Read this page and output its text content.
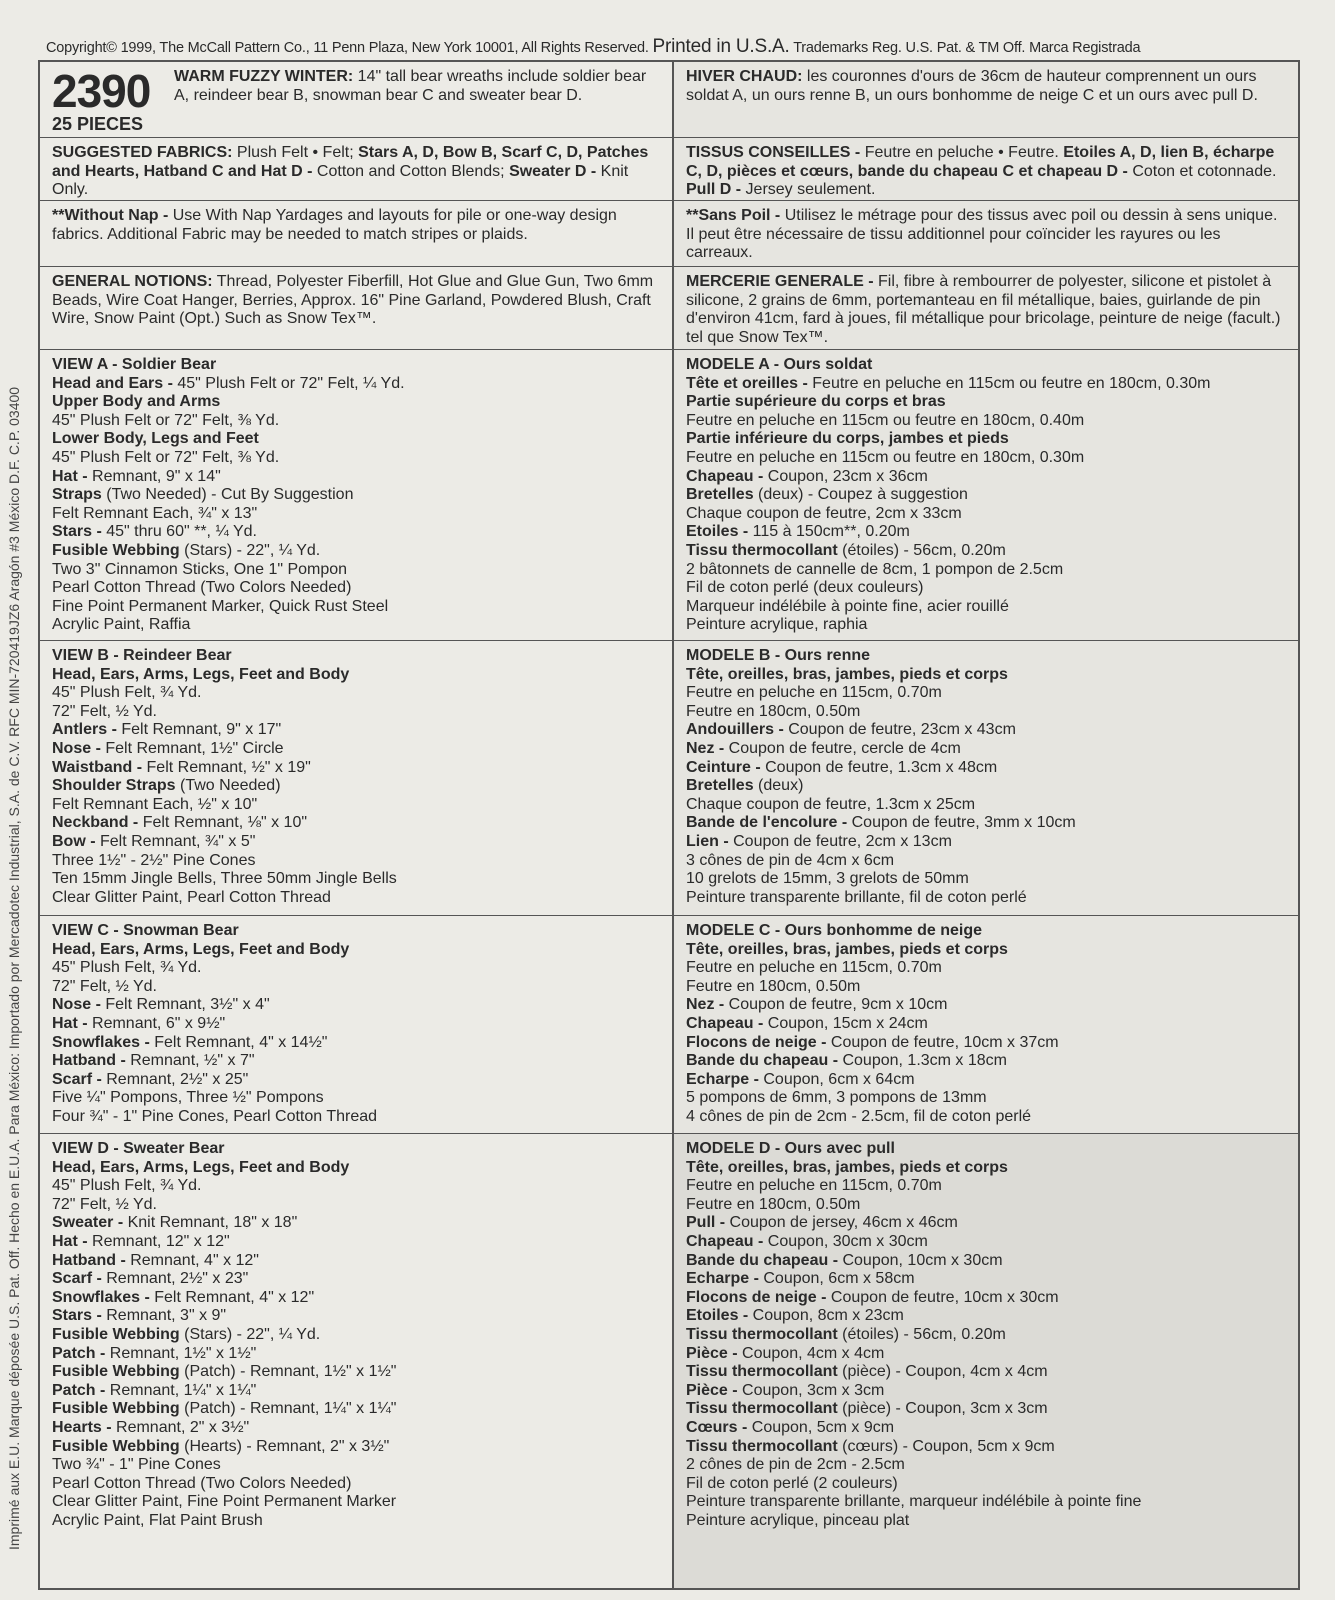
Copyright© 1999, The McCall Pattern Co., 11 Penn Plaza, New York 10001, All Rights Reserved. Printed in U.S.A. Trademarks Reg. U.S. Pat. & TM Off. Marca Registrada
Imprimé aux E.U. Marque déposée U.S. Pat. Off. Hecho en E.U.A. Para México: Importado por Mercadotec Industrial, S.A. de C.V. RFC MIN-720419JZ6 Aragón #3 México D.F. C.P. 03400
2390
25 PIECES

WARM FUZZY WINTER: 14" tall bear wreaths include soldier bear A, reindeer bear B, snowman bear C and sweater bear D.

HIVER CHAUD: les couronnes d'ours de 36cm de hauteur comprennent un ours soldat A, un ours renne B, un ours bonhomme de neige C et un ours avec pull D.

SUGGESTED FABRICS: Plush Felt • Felt; Stars A, D, Bow B, Scarf C, D, Patches and Hearts, Hatband C and Hat D - Cotton and Cotton Blends; Sweater D - Knit Only.

TISSUS CONSEILLES - Feutre en peluche • Feutre. Etoiles A, D, lien B, écharpe C, D, pièces et cœurs, bande du chapeau C et chapeau D - Coton et cotonnade. Pull D - Jersey seulement.

**Without Nap - Use With Nap Yardages and layouts for pile or one-way design fabrics. Additional Fabric may be needed to match stripes or plaids.

**Sans Poil - Utilisez le métrage pour des tissus avec poil ou dessin à sens unique. Il peut être nécessaire de tissu additionnel pour coïncider les rayures ou les carreaux.

GENERAL NOTIONS: Thread, Polyester Fiberfill, Hot Glue and Glue Gun, Two 6mm Beads, Wire Coat Hanger, Berries, Approx. 16" Pine Garland, Powdered Blush, Craft Wire, Snow Paint (Opt.) Such as Snow Tex™.

MERCERIE GENERALE - Fil, fibre à rembourrer de polyester, silicone et pistolet à silicone, 2 grains de 6mm, portemanteau en fil métallique, baies, guirlande de pin d'environ 41cm, fard à joues, fil métallique pour bricolage, peinture de neige (facult.) tel que Snow Tex™.

VIEW A - Soldier Bear
Head and Ears - 45" Plush Felt or 72" Felt, ¼ Yd.
Upper Body and Arms
45" Plush Felt or 72" Felt, ⅜ Yd.
Lower Body, Legs and Feet
45" Plush Felt or 72" Felt, ⅜ Yd.
Hat - Remnant, 9" x 14"
Straps (Two Needed) - Cut By Suggestion
Felt Remnant Each, ¾" x 13"
Stars - 45" thru 60" **, ¼ Yd.
Fusible Webbing (Stars) - 22", ¼ Yd.
Two 3" Cinnamon Sticks, One 1" Pompon
Pearl Cotton Thread (Two Colors Needed)
Fine Point Permanent Marker, Quick Rust Steel
Acrylic Paint, Raffia
MODELE A - Ours soldat
Tête et oreilles - Feutre en peluche en 115cm ou feutre en 180cm, 0.30m
Partie supérieure du corps et bras
Feutre en peluche en 115cm ou feutre en 180cm, 0.40m
Partie inférieure du corps, jambes et pieds
Feutre en peluche en 115cm ou feutre en 180cm, 0.30m
Chapeau - Coupon, 23cm x 36cm
Bretelles (deux) - Coupez à suggestion
Chaque coupon de feutre, 2cm x 33cm
Etoiles - 115 à 150cm**, 0.20m
Tissu thermocollant (étoiles) - 56cm, 0.20m
2 bâtonnets de cannelle de 8cm, 1 pompon de 2.5cm
Fil de coton perlé (deux couleurs)
Marqueur indélébile à pointe fine, acier rouillé
Peinture acrylique, raphia
VIEW B - Reindeer Bear
Head, Ears, Arms, Legs, Feet and Body
45" Plush Felt, ¾ Yd.
72" Felt, ½ Yd.
Antlers - Felt Remnant, 9" x 17"
Nose - Felt Remnant, 1½" Circle
Waistband - Felt Remnant, ½" x 19"
Shoulder Straps (Two Needed)
Felt Remnant Each, ½" x 10"
Neckband - Felt Remnant, ⅛" x 10"
Bow - Felt Remnant, ¾" x 5"
Three 1½" - 2½" Pine Cones
Ten 15mm Jingle Bells, Three 50mm Jingle Bells
Clear Glitter Paint, Pearl Cotton Thread
MODELE B - Ours renne
Tête, oreilles, bras, jambes, pieds et corps
Feutre en peluche en 115cm, 0.70m
Feutre en 180cm, 0.50m
Andouillers - Coupon de feutre, 23cm x 43cm
Nez - Coupon de feutre, cercle de 4cm
Ceinture - Coupon de feutre, 1.3cm x 48cm
Bretelles (deux)
Chaque coupon de feutre, 1.3cm x 25cm
Bande de l'encolure - Coupon de feutre, 3mm x 10cm
Lien - Coupon de feutre, 2cm x 13cm
3 cônes de pin de 4cm x 6cm
10 grelots de 15mm, 3 grelots de 50mm
Peinture transparente brillante, fil de coton perlé
VIEW C - Snowman Bear
Head, Ears, Arms, Legs, Feet and Body
45" Plush Felt, ¾ Yd.
72" Felt, ½ Yd.
Nose - Felt Remnant, 3½" x 4"
Hat - Remnant, 6" x 9½"
Snowflakes - Felt Remnant, 4" x 14½"
Hatband - Remnant, ½" x 7"
Scarf - Remnant, 2½" x 25"
Five ¼" Pompons, Three ½" Pompons
Four ¾" - 1" Pine Cones, Pearl Cotton Thread
MODELE C - Ours bonhomme de neige
Tête, oreilles, bras, jambes, pieds et corps
Feutre en peluche en 115cm, 0.70m
Feutre en 180cm, 0.50m
Nez - Coupon de feutre, 9cm x 10cm
Chapeau - Coupon, 15cm x 24cm
Flocons de neige - Coupon de feutre, 10cm x 37cm
Bande du chapeau - Coupon, 1.3cm x 18cm
Echarpe - Coupon, 6cm x 64cm
5 pompons de 6mm, 3 pompons de 13mm
4 cônes de pin de 2cm - 2.5cm, fil de coton perlé
VIEW D - Sweater Bear
Head, Ears, Arms, Legs, Feet and Body
45" Plush Felt, ¾ Yd.
72" Felt, ½ Yd.
Sweater - Knit Remnant, 18" x 18"
Hat - Remnant, 12" x 12"
Hatband - Remnant, 4" x 12"
Scarf - Remnant, 2½" x 23"
Snowflakes - Felt Remnant, 4" x 12"
Stars - Remnant, 3" x 9"
Fusible Webbing (Stars) - 22", ¼ Yd.
Patch - Remnant, 1½" x 1½"
Fusible Webbing (Patch) - Remnant, 1½" x 1½"
Patch - Remnant, 1¼" x 1¼"
Fusible Webbing (Patch) - Remnant, 1¼" x 1¼"
Hearts - Remnant, 2" x 3½"
Fusible Webbing (Hearts) - Remnant, 2" x 3½"
Two ¾" - 1" Pine Cones
Pearl Cotton Thread (Two Colors Needed)
Clear Glitter Paint, Fine Point Permanent Marker
Acrylic Paint, Flat Paint Brush
MODELE D - Ours avec pull
Tête, oreilles, bras, jambes, pieds et corps
Feutre en peluche en 115cm, 0.70m
Feutre en 180cm, 0.50m
Pull - Coupon de jersey, 46cm x 46cm
Chapeau - Coupon, 30cm x 30cm
Bande du chapeau - Coupon, 10cm x 30cm
Echarpe - Coupon, 6cm x 58cm
Flocons de neige - Coupon de feutre, 10cm x 30cm
Etoiles - Coupon, 8cm x 23cm
Tissu thermocollant (étoiles) - 56cm, 0.20m
Pièce - Coupon, 4cm x 4cm
Tissu thermocollant (pièce) - Coupon, 4cm x 4cm
Pièce - Coupon, 3cm x 3cm
Tissu thermocollant (pièce) - Coupon, 3cm x 3cm
Cœurs - Coupon, 5cm x 9cm
Tissu thermocollant (cœurs) - Coupon, 5cm x 9cm
2 cônes de pin de 2cm - 2.5cm
Fil de coton perlé (2 couleurs)
Peinture transparente brillante, marqueur indélébile à pointe fine
Peinture acrylique, pinceau plat
